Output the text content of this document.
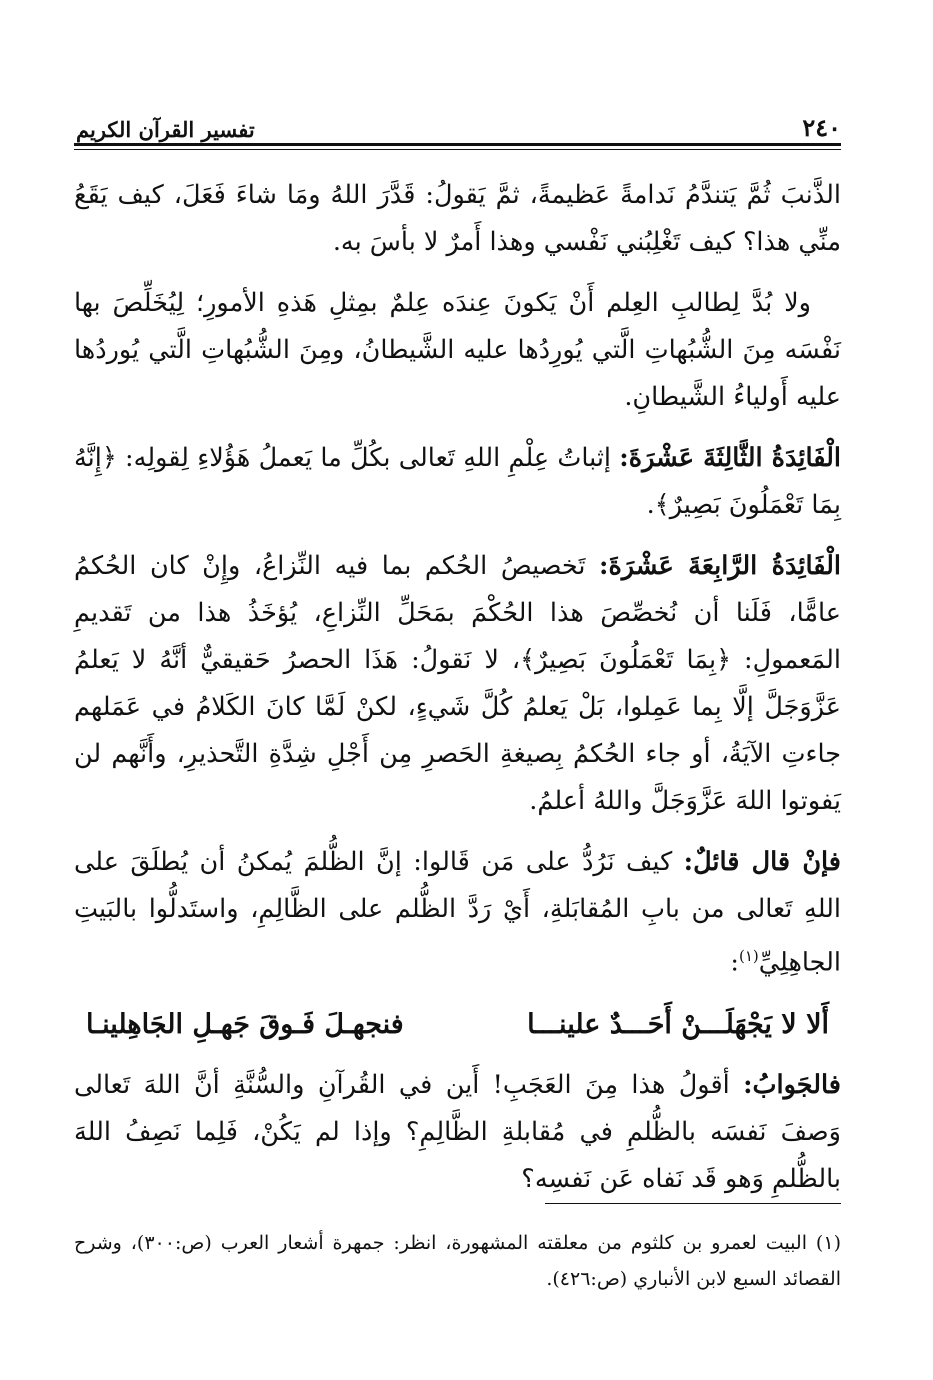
٢٤٠
تفسير القرآن الكريم

الذَّنبَ ثُمَّ يَتندَّمُ نَدامةً عَظيمةً، ثمَّ يَقولُ: قَدَّرَ اللهُ ومَا شاءَ فَعَلَ، كيف يَقَعُ منِّي هذا؟ كيف تَغْلِبُني نَفْسي وهذا أَمرٌ لا بأسَ به.

ولا بُدَّ لِطالبِ العِلم أَنْ يَكونَ عِندَه عِلمٌ بمِثلِ هَذهِ الأمورِ؛ لِيُخَلِّصَ بها نَفْسَه مِنَ الشُّبُهاتِ الَّتي يُورِدُها عليه الشَّيطانُ، ومِنَ الشُّبُهاتِ الَّتي يُوردُها عليه أَولياءُ الشَّيطانِ.

الْفَائِدَةُ الثَّالِثَةَ عَشْرَةَ: إثباتُ عِلْمِ اللهِ تَعالى بكُلِّ ما يَعملُ هَؤُلاءِ لِقولِه: ﴿إِنَّهُ بِمَا تَعْمَلُونَ بَصِيرٌ﴾.

الْفَائِدَةُ الرَّابِعَةَ عَشْرَةَ: تَخصيصُ الحُكم بما فيه النِّزاعُ، وإِنْ كان الحُكمُ عامًّا، فَلَنا أن نُخصِّصَ هذا الحُكْمَ بمَحَلِّ النِّزاعِ، يُؤخَذُ هذا من تَقديمِ المَعمولِ: ﴿بِمَا تَعْمَلُونَ بَصِيرٌ﴾، لا نَقولُ: هَذَا الحصرُ حَقيقيٌّ أنَّهُ لا يَعلمُ عَزَّوَجَلَّ إلَّا بِما عَمِلوا، بَلْ يَعلمُ كُلَّ شَيءٍ، لكنْ لَمَّا كانَ الكَلامُ في عَمَلهم جاءتِ الآيَةُ، أو جاء الحُكمُ بِصيغةِ الحَصرِ مِن أَجْلِ شِدَّةِ التَّحذيرِ، وأَنَّهم لن يَفوتوا اللهَ عَزَّوَجَلَّ واللهُ أعلمُ.

فإنْ قال قائلٌ: كيف نَرُدُّ على مَن قَالوا: إنَّ الظُّلمَ يُمكنُ أن يُطلَقَ على اللهِ تَعالى من بابِ المُقابَلةِ، أَيْ رَدَّ الظُّلم على الظَّالِمِ، واستَدلُّوا بالبَيتِ الجاهِلِيِّ$^{(١)}$:

أَلا لا يَجْهَلَـــنْ أَحَـــدٌ علينـــا
فنجهـلَ فَـوقَ جَهـلِ الجَاهِلينـا

فالجَوابُ: أقولُ هذا مِنَ العَجَبِ! أَين في القُرآنِ والسُّنَّةِ أنَّ اللهَ تَعالى وَصفَ نَفسَه بالظُّلمِ في مُقابلةِ الظَّالِمِ؟ وإذا لم يَكُنْ، فَلِما نَصِفُ اللهَ بالظُّلمِ وَهو قَد نَفاه عَن نَفسِه؟

(١) البيت لعمرو بن كلثوم من معلقته المشهورة، انظر: جمهرة أشعار العرب (ص:٣٠٠)، وشرح القصائد السبع لابن الأنباري (ص:٤٢٦).
